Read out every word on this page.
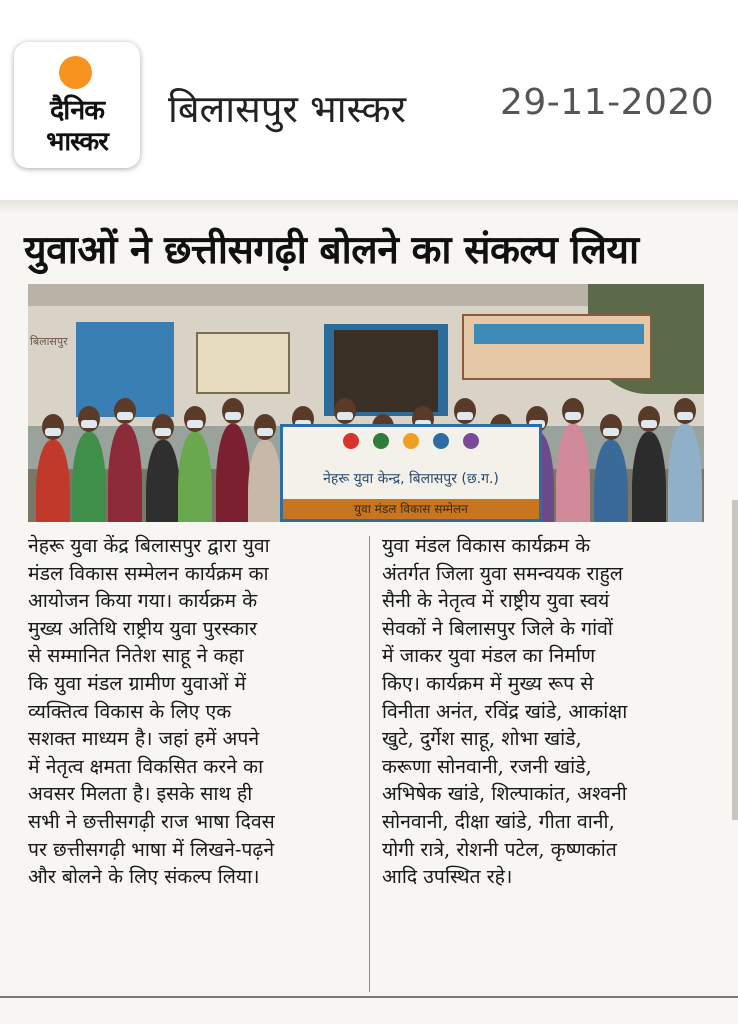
दैनिक
भास्कर
बिलासपुर भास्कर	29-11-2020
युवाओं ने छत्तीसगढ़ी बोलने का संकल्प लिया
नेहरू युवा केन्द्र, बिलासपुर (छ.ग.)
युवा मंडल विकास सम्मेलन
बिलासपुर
नेहरू युवा केंद्र बिलासपुर द्वारा युवा
मंडल विकास सम्मेलन कार्यक्रम का
आयोजन किया गया। कार्यक्रम के
मुख्य अतिथि राष्ट्रीय युवा पुरस्कार
से सम्मानित नितेश साहू ने कहा
कि युवा मंडल ग्रामीण युवाओं में
व्यक्तित्व विकास के लिए एक
सशक्त माध्यम है। जहां हमें अपने
में नेतृत्व क्षमता विकसित करने का
अवसर मिलता है। इसके साथ ही
सभी ने छत्तीसगढ़ी राज भाषा दिवस
पर छत्तीसगढ़ी भाषा में लिखने-पढ़ने
और बोलने के लिए संकल्प लिया।
युवा मंडल विकास कार्यक्रम के
अंतर्गत जिला युवा समन्वयक राहुल
सैनी के नेतृत्व में राष्ट्रीय युवा स्वयं
सेवकों ने बिलासपुर जिले के गांवों
में जाकर युवा मंडल का निर्माण
किए। कार्यक्रम में मुख्य रूप से
विनीता अनंत, रविंद्र खांडे, आकांक्षा
खुटे, दुर्गेश साहू, शोभा खांडे,
करूणा सोनवानी, रजनी खांडे,
अभिषेक खांडे, शिल्पाकांत, अश्वनी
सोनवानी, दीक्षा खांडे, गीता वानी,
योगी रात्रे, रोशनी पटेल, कृष्णकांत
आदि उपस्थित रहे।
